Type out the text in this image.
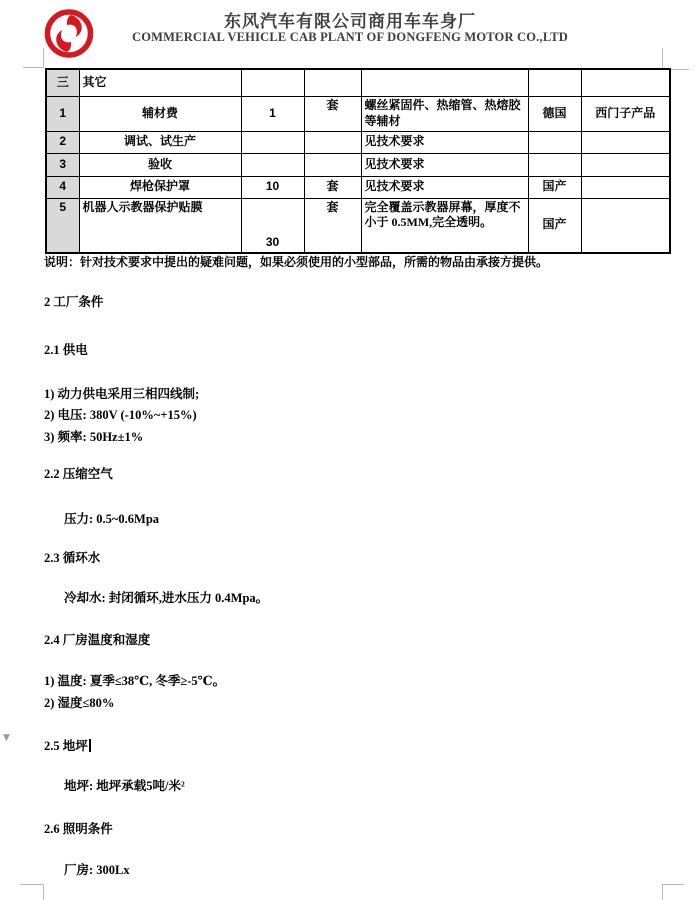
东风汽车有限公司商用车车身厂
COMMERCIAL VEHICLE CAB PLANT OF DONGFENG MOTOR CO.,LTD
三	其它					
1	辅材费	1	套	螺丝紧固件、热缩管、热熔胶等辅材	德国	西门子产品
2	调试、试生产			见技术要求		
3	验收			见技术要求		
4	焊枪保护罩	10	套	见技术要求	国产	
5	机器人示教器保护贴膜	30	套	完全覆盖示教器屏幕，厚度不小于 0.5MM,完全透明。	国产	
说明：针对技术要求中提出的疑难问题，如果必须使用的小型部品，所需的物品由承接方提供。
2 工厂条件
2.1 供电
1) 动力供电采用三相四线制;
2) 电压: 380V (-10%~+15%)
3) 频率: 50Hz±1%
2.2 压缩空气
压力: 0.5~0.6Mpa
2.3 循环水
冷却水: 封闭循环,进水压力 0.4Mpa。
2.4 厂房温度和湿度
1) 温度: 夏季≤38℃, 冬季≥-5℃。
2) 湿度≤80%
2.5 地坪
地坪: 地坪承载5吨/米²
2.6 照明条件
厂房: 300Lx
▼
